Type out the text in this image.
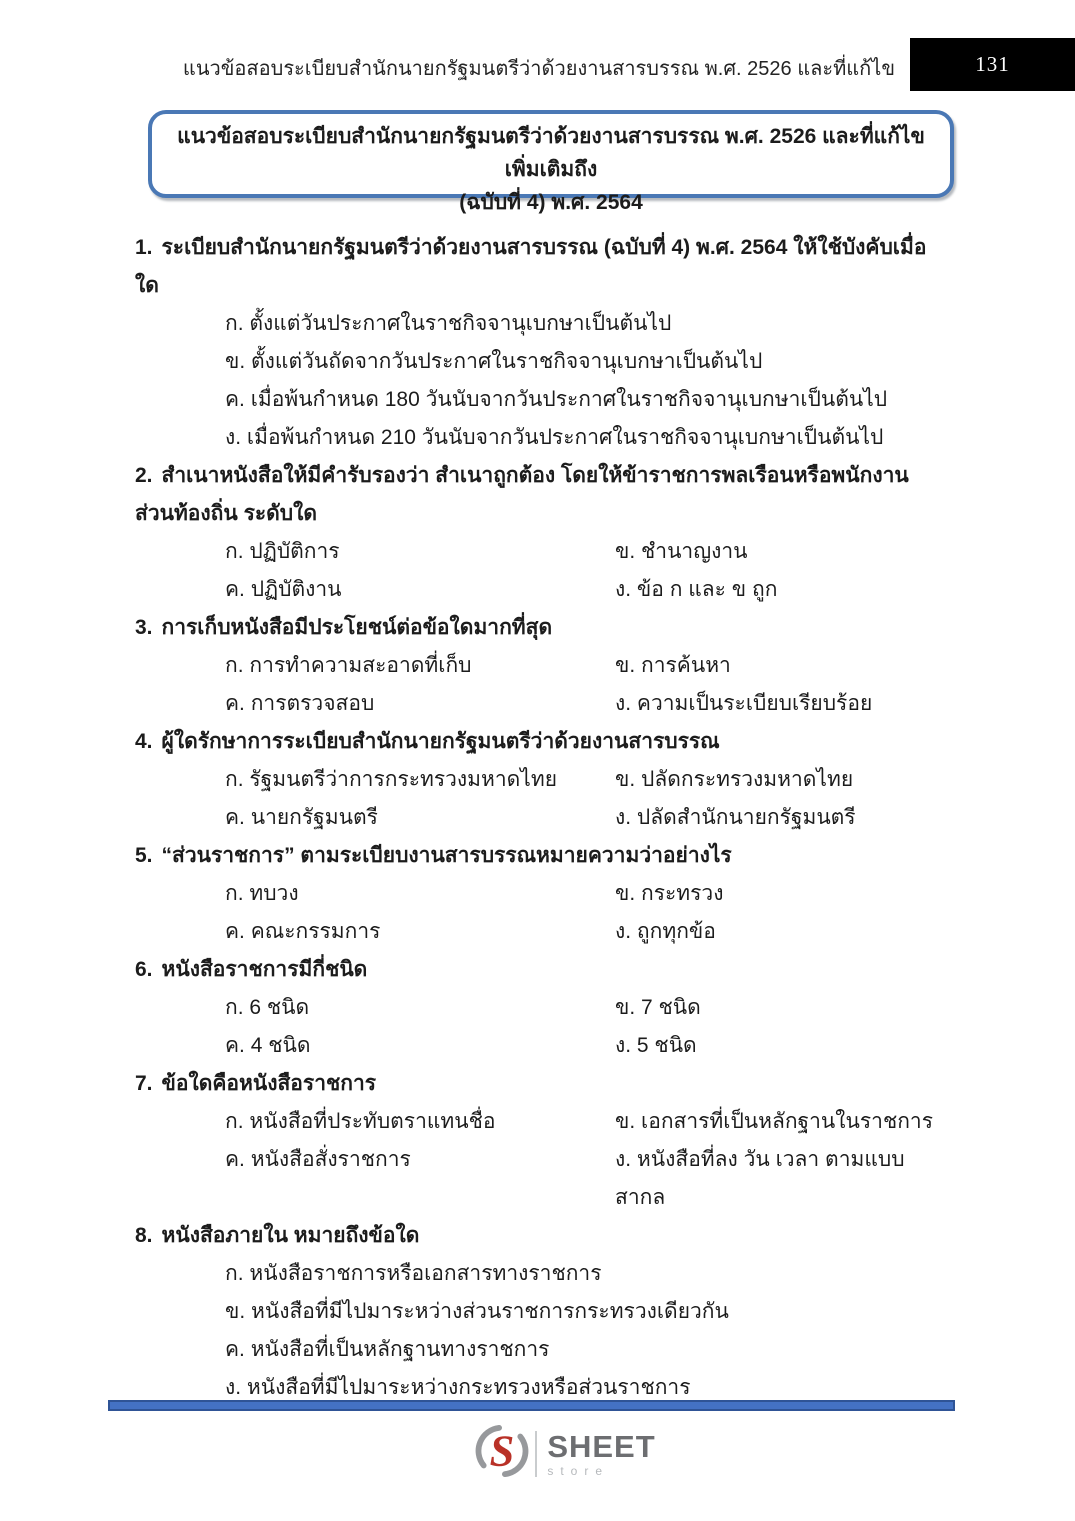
แนวข้อสอบระเบียบสำนักนายกรัฐมนตรีว่าด้วยงานสารบรรณ พ.ศ. 2526 และที่แก้ไข	131
แนวข้อสอบระเบียบสำนักนายกรัฐมนตรีว่าด้วยงานสารบรรณ พ.ศ. 2526 และที่แก้ไขเพิ่มเติมถึง
(ฉบับที่ 4) พ.ศ. 2564
1. ระเบียบสำนักนายกรัฐมนตรีว่าด้วยงานสารบรรณ (ฉบับที่ 4) พ.ศ. 2564 ให้ใช้บังคับเมื่อใด
ก. ตั้งแต่วันประกาศในราชกิจจานุเบกษาเป็นต้นไป
ข. ตั้งแต่วันถัดจากวันประกาศในราชกิจจานุเบกษาเป็นต้นไป
ค. เมื่อพ้นกำหนด 180 วันนับจากวันประกาศในราชกิจจานุเบกษาเป็นต้นไป
ง. เมื่อพ้นกำหนด 210 วันนับจากวันประกาศในราชกิจจานุเบกษาเป็นต้นไป
2. สำเนาหนังสือให้มีคำรับรองว่า สำเนาถูกต้อง โดยให้ข้าราชการพลเรือนหรือพนักงานส่วนท้องถิ่น ระดับใด
ก. ปฏิบัติการ	ข. ชำนาญงาน
ค. ปฏิบัติงาน	ง. ข้อ ก และ ข ถูก
3. การเก็บหนังสือมีประโยชน์ต่อข้อใดมากที่สุด
ก. การทำความสะอาดที่เก็บ	ข. การค้นหา
ค. การตรวจสอบ	ง. ความเป็นระเบียบเรียบร้อย
4. ผู้ใดรักษาการระเบียบสำนักนายกรัฐมนตรีว่าด้วยงานสารบรรณ
ก. รัฐมนตรีว่าการกระทรวงมหาดไทย	ข. ปลัดกระทรวงมหาดไทย
ค. นายกรัฐมนตรี	ง. ปลัดสำนักนายกรัฐมนตรี
5. “ส่วนราชการ” ตามระเบียบงานสารบรรณหมายความว่าอย่างไร
ก. ทบวง	ข. กระทรวง
ค. คณะกรรมการ	ง. ถูกทุกข้อ
6. หนังสือราชการมีกี่ชนิด
ก. 6 ชนิด	ข. 7 ชนิด
ค. 4 ชนิด	ง. 5 ชนิด
7. ข้อใดคือหนังสือราชการ
ก. หนังสือที่ประทับตราแทนชื่อ	ข. เอกสารที่เป็นหลักฐานในราชการ
ค. หนังสือสั่งราชการ	ง. หนังสือที่ลง วัน เวลา ตามแบบสากล
8. หนังสือภายใน หมายถึงข้อใด
ก. หนังสือราชการหรือเอกสารทางราชการ
ข. หนังสือที่มีไปมาระหว่างส่วนราชการกระทรวงเดียวกัน
ค. หนังสือที่เป็นหลักฐานทางราชการ
ง. หนังสือที่มีไปมาระหว่างกระทรวงหรือส่วนราชการ
S SHEET
store
